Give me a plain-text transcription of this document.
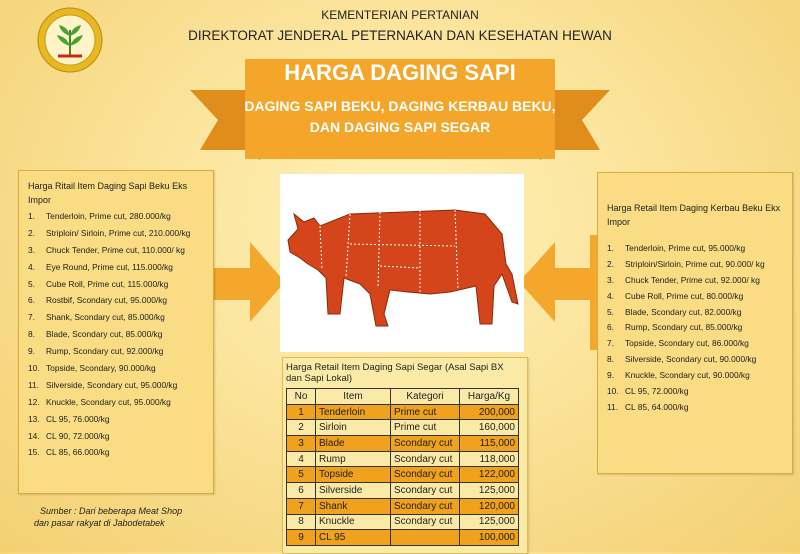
KEMENTERIAN PERTANIAN
DIREKTORAT JENDERAL PETERNAKAN DAN KESEHATAN HEWAN
HARGA DAGING SAPI
DAGING SAPI BEKU, DAGING KERBAU BEKU,
DAN DAGING SAPI SEGAR
Harga Ritail Item Daging Sapi Beku Eks Impor
1.	Tenderloin, Prime cut, 280.000/kg
2.	Striploin/ Sirloin, Prime cut, 210.000/kg
3.	Chuck Tender, Prime cut, 110.000/ kg
4.	Eye Round, Prime cut, 115.000/kg
5.	Cube Roll, Prime cut, 115.000/kg
6.	Rostbif, Scondary cut, 95.000/kg
7.	Shank, Scondary cut, 85.000/kg
8.	Blade, Scondary cut, 85.000/kg
9.	Rump, Scondary cut, 92.000/kg
10. Topside, Scondary, 90.000/kg
11. Silverside, Scondary cut, 95.000/kg
12. Knuckle, Scondary cut, 95.000/kg
13. CL 95, 76.000/kg
14. CL 90, 72.000/kg
15. CL 85, 66.000/kg
Harga Retail Item Daging Kerbau Beku Ekx Impor
1.	Tenderloin, Prime cut, 95.000/kg
2.	Striploin/Sirloin, Prime cut, 90.000/ kg
3.	Chuck Tender, Prime cut, 92.000/ kg
4.	Cube Roll, Prime cut, 80.000/kg
5.	Blade, Scondary cut, 82.000/kg
6.	Rump, Scondary cut, 85.000/kg
7.	Topside, Scondary cut, 86.000/kg
8.	Silverside, Scondary cut, 90.000/kg
9.	Knuckle, Scondary cut, 90.000/kg
10. CL 95, 72.000/kg
11. CL 85, 64.000/kg
Harga Retail Item Daging Sapi Segar (Asal Sapi BX dan Sapi Lokal)
No	Item	Kategori	Harga/Kg
1	Tenderloin	Prime cut	200,000
2	Sirloin	Prime cut	160,000
3	Blade	Scondary cut	115,000
4	Rump	Scondary cut	118,000
5	Topside	Scondary cut	122,000
6	Silverside	Scondary cut	125,000
7	Shank	Scondary cut	120,000
8	Knuckle	Scondary cut	125,000
9	CL 95		100,000
Sumber : Dari beberapa Meat Shop
dan pasar rakyat di Jabodetabek
